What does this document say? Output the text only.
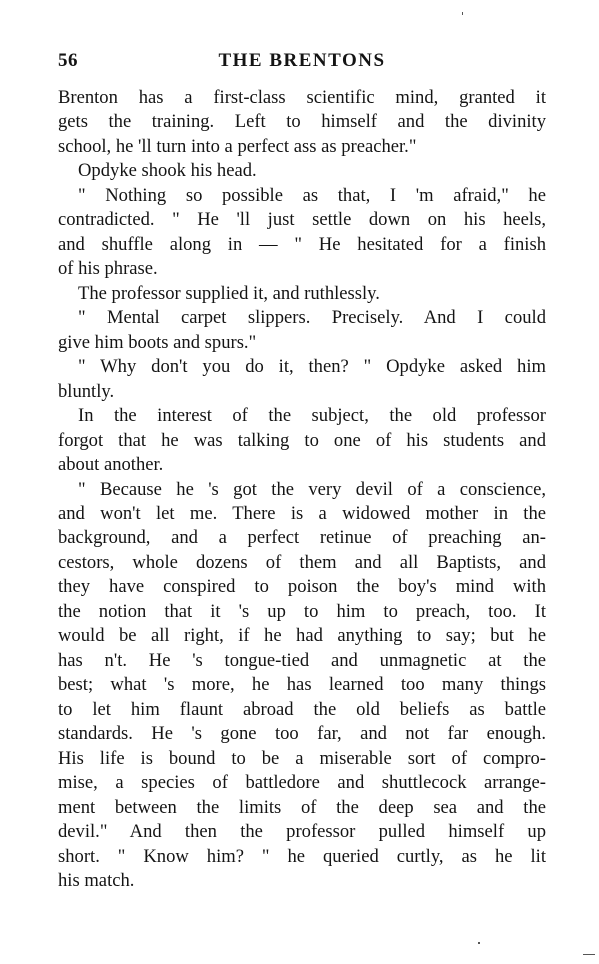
56	THE BRENTONS
Brenton has a first-class scientific mind, granted it
gets the training. Left to himself and the divinity
school, he 'll turn into a perfect ass as preacher."
Opdyke shook his head.
" Nothing so possible as that, I 'm afraid," he
contradicted. " He 'll just settle down on his heels,
and shuffle along in — " He hesitated for a finish
of his phrase.
The professor supplied it, and ruthlessly.
" Mental carpet slippers. Precisely. And I could
give him boots and spurs."
" Why don't you do it, then? " Opdyke asked him
bluntly.
In the interest of the subject, the old professor
forgot that he was talking to one of his students and
about another.
" Because he 's got the very devil of a conscience,
and won't let me. There is a widowed mother in the
background, and a perfect retinue of preaching an-
cestors, whole dozens of them and all Baptists, and
they have conspired to poison the boy's mind with
the notion that it 's up to him to preach, too. It
would be all right, if he had anything to say; but he
has n't. He 's tongue-tied and unmagnetic at the
best; what 's more, he has learned too many things
to let him flaunt abroad the old beliefs as battle
standards. He 's gone too far, and not far enough.
His life is bound to be a miserable sort of compro-
mise, a species of battledore and shuttlecock arrange-
ment between the limits of the deep sea and the
devil." And then the professor pulled himself up
short. " Know him? " he queried curtly, as he lit
his match.
